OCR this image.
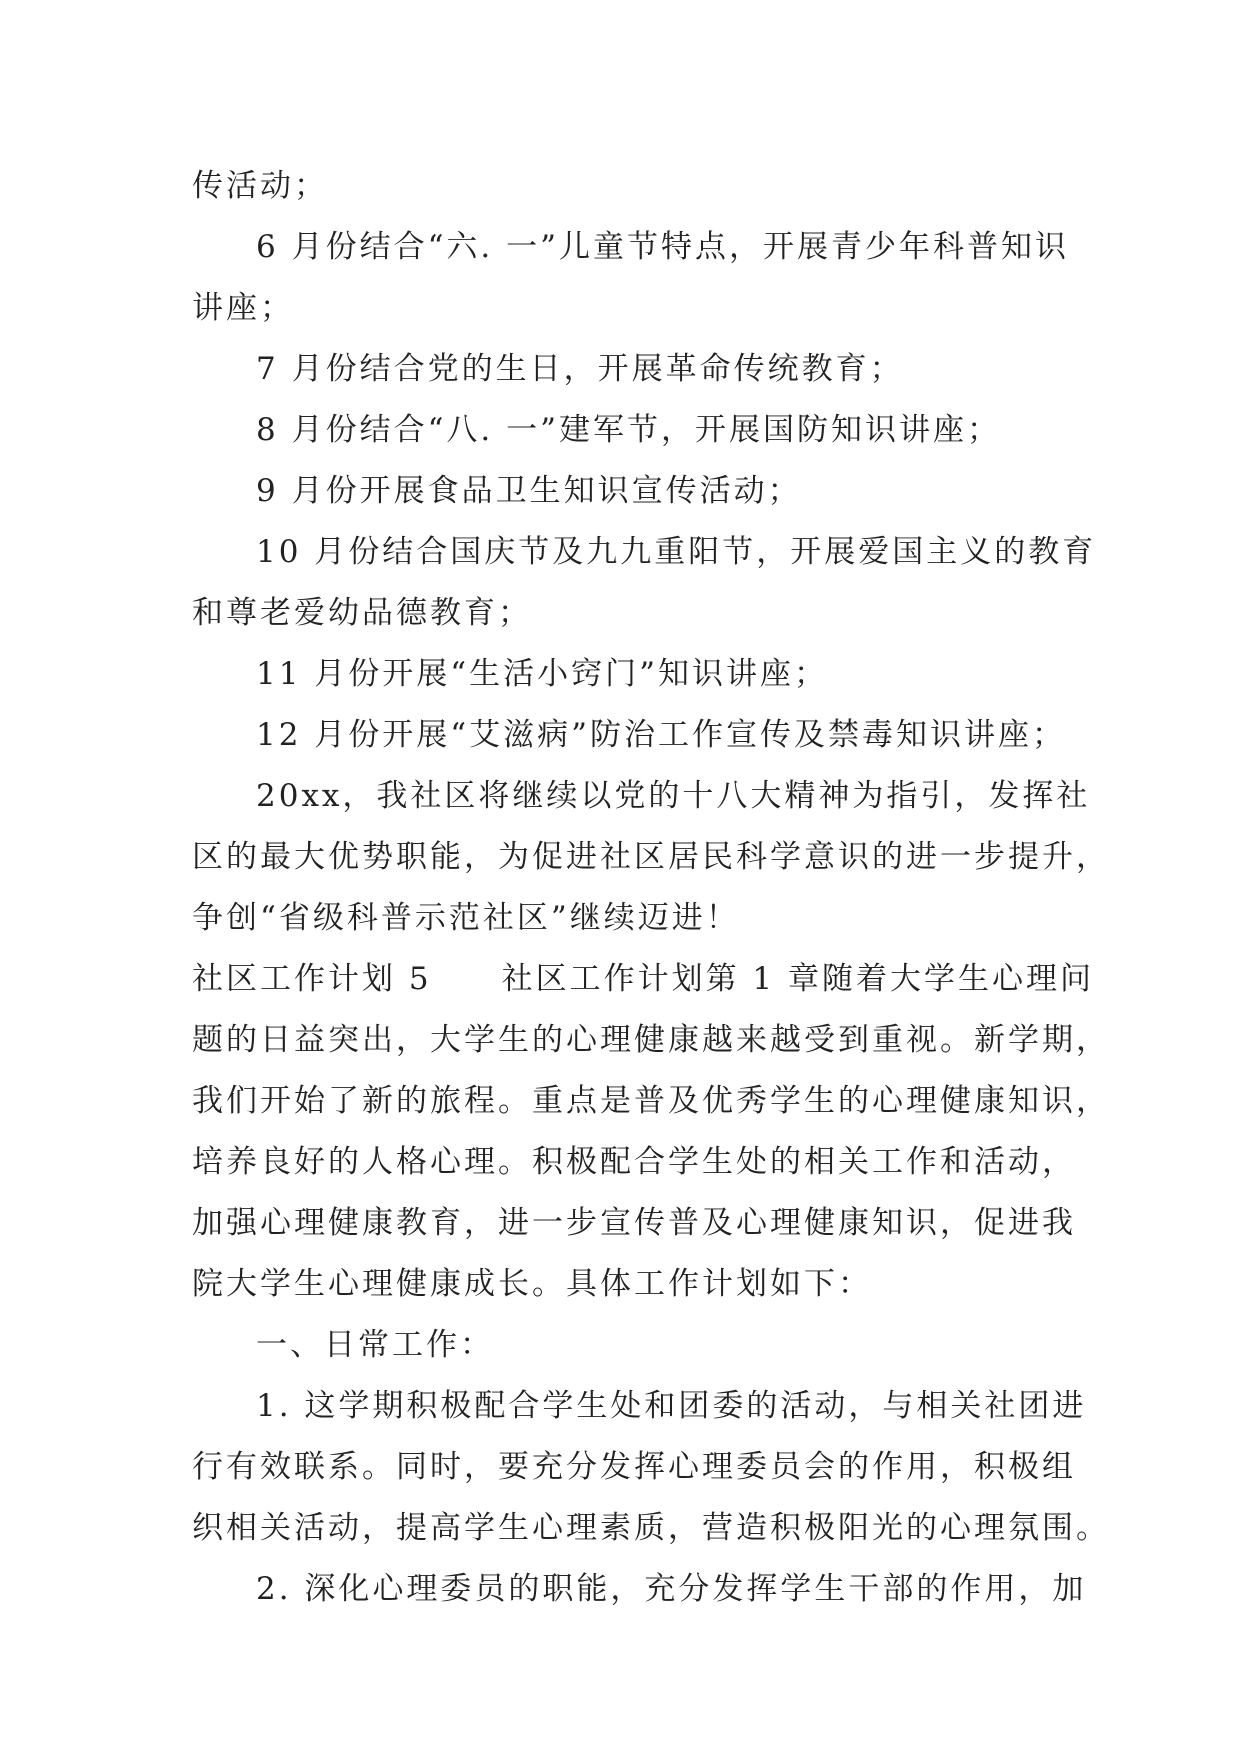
传活动；
6 月份结合“六. 一”儿童节特点，开展青少年科普知识
讲座；
7 月份结合党的生日，开展革命传统教育；
8 月份结合“八. 一”建军节，开展国防知识讲座；
9 月份开展食品卫生知识宣传活动；
10 月份结合国庆节及九九重阳节，开展爱国主义的教育
和尊老爱幼品德教育；
11 月份开展“生活小窍门”知识讲座；
12 月份开展“艾滋病”防治工作宣传及禁毒知识讲座；
20xx，我社区将继续以党的十八大精神为指引，发挥社
区的最大优势职能，为促进社区居民科学意识的进一步提升，
争创“省级科普示范社区”继续迈进！
社区工作计划 5 社区工作计划第 1 章随着大学生心理问
题的日益突出，大学生的心理健康越来越受到重视。新学期，
我们开始了新的旅程。重点是普及优秀学生的心理健康知识，
培养良好的人格心理。积极配合学生处的相关工作和活动，
加强心理健康教育，进一步宣传普及心理健康知识，促进我
院大学生心理健康成长。具体工作计划如下：
一、日常工作：
1. 这学期积极配合学生处和团委的活动，与相关社团进
行有效联系。同时，要充分发挥心理委员会的作用，积极组
织相关活动，提高学生心理素质，营造积极阳光的心理氛围。
2. 深化心理委员的职能，充分发挥学生干部的作用，加
